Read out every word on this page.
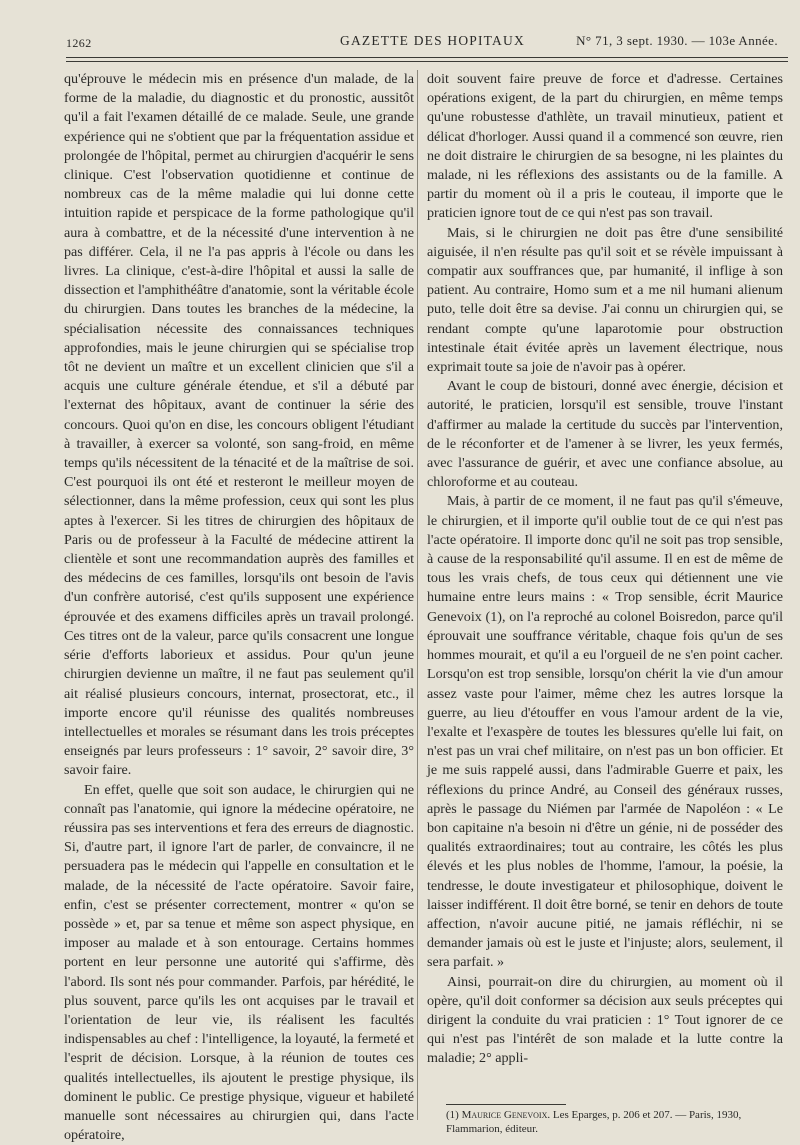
1262	GAZETTE DES HOPITAUX	N° 71, 3 sept. 1930. — 103e Année.

qu'éprouve le médecin mis en présence d'un malade, de la forme de la maladie, du diagnostic et du pronostic, aussitôt qu'il a fait l'examen détaillé de ce malade. Seule, une grande expérience qui ne s'obtient que par la fréquentation assidue et prolongée de l'hôpital, permet au chirurgien d'acquérir le sens clinique. C'est l'observation quotidienne et continue de nombreux cas de la même maladie qui lui donne cette intuition rapide et perspicace de la forme pathologique qu'il aura à combattre, et de la nécessité d'une intervention à ne pas différer. Cela, il ne l'a pas appris à l'école ou dans les livres. La clinique, c'est-à-dire l'hôpital et aussi la salle de dissection et l'amphithéâtre d'anatomie, sont la véritable école du chirurgien. Dans toutes les branches de la médecine, la spécialisation nécessite des connaissances techniques approfondies, mais le jeune chirurgien qui se spécialise trop tôt ne devient un maître et un excellent clinicien que s'il a acquis une culture générale étendue, et s'il a débuté par l'externat des hôpitaux, avant de continuer la série des concours. Quoi qu'on en dise, les concours obligent l'étudiant à travailler, à exercer sa volonté, son sang-froid, en même temps qu'ils nécessitent de la ténacité et de la maîtrise de soi. C'est pourquoi ils ont été et resteront le meilleur moyen de sélectionner, dans la même profession, ceux qui sont les plus aptes à l'exercer. Si les titres de chirurgien des hôpitaux de Paris ou de professeur à la Faculté de médecine attirent la clientèle et sont une recommandation auprès des familles et des médecins de ces familles, lorsqu'ils ont besoin de l'avis d'un confrère autorisé, c'est qu'ils supposent une expérience éprouvée et des examens difficiles après un travail prolongé. Ces titres ont de la valeur, parce qu'ils consacrent une longue série d'efforts laborieux et assidus. Pour qu'un jeune chirurgien devienne un maître, il ne faut pas seulement qu'il ait réalisé plusieurs concours, internat, prosectorat, etc., il importe encore qu'il réunisse des qualités nombreuses intellectuelles et morales se résumant dans les trois préceptes enseignés par leurs professeurs : 1° savoir, 2° savoir dire, 3° savoir faire.

En effet, quelle que soit son audace, le chirurgien qui ne connaît pas l'anatomie, qui ignore la médecine opératoire, ne réussira pas ses interventions et fera des erreurs de diagnostic. Si, d'autre part, il ignore l'art de parler, de convaincre, il ne persuadera pas le médecin qui l'appelle en consultation et le malade, de la nécessité de l'acte opératoire. Savoir faire, enfin, c'est se présenter correctement, montrer « qu'on se possède » et, par sa tenue et même son aspect physique, en imposer au malade et à son entourage. Certains hommes portent en leur personne une autorité qui s'affirme, dès l'abord. Ils sont nés pour commander. Parfois, par hérédité, le plus souvent, parce qu'ils les ont acquises par le travail et l'orientation de leur vie, ils réalisent les facultés indispensables au chef : l'intelligence, la loyauté, la fermeté et l'esprit de décision. Lorsque, à la réunion de toutes ces qualités intellectuelles, ils ajoutent le prestige physique, ils dominent le public. Ce prestige physique, vigueur et habileté manuelle sont nécessaires au chirurgien qui, dans l'acte opératoire,

doit souvent faire preuve de force et d'adresse. Certaines opérations exigent, de la part du chirurgien, en même temps qu'une robustesse d'athlète, un travail minutieux, patient et délicat d'horloger. Aussi quand il a commencé son œuvre, rien ne doit distraire le chirurgien de sa besogne, ni les plaintes du malade, ni les réflexions des assistants ou de la famille. A partir du moment où il a pris le couteau, il importe que le praticien ignore tout de ce qui n'est pas son travail.

Mais, si le chirurgien ne doit pas être d'une sensibilité aiguisée, il n'en résulte pas qu'il soit et se révèle impuissant à compatir aux souffrances que, par humanité, il inflige à son patient. Au contraire, Homo sum et a me nil humani alienum puto, telle doit être sa devise. J'ai connu un chirurgien qui, se rendant compte qu'une laparotomie pour obstruction intestinale était évitée après un lavement électrique, nous exprimait toute sa joie de n'avoir pas à opérer.

Avant le coup de bistouri, donné avec énergie, décision et autorité, le praticien, lorsqu'il est sensible, trouve l'instant d'affirmer au malade la certitude du succès par l'intervention, de le réconforter et de l'amener à se livrer, les yeux fermés, avec l'assurance de guérir, et avec une confiance absolue, au chloroforme et au couteau.

Mais, à partir de ce moment, il ne faut pas qu'il s'émeuve, le chirurgien, et il importe qu'il oublie tout de ce qui n'est pas l'acte opératoire. Il importe donc qu'il ne soit pas trop sensible, à cause de la responsabilité qu'il assume. Il en est de même de tous les vrais chefs, de tous ceux qui détiennent une vie humaine entre leurs mains : « Trop sensible, écrit Maurice Genevoix (1), on l'a reproché au colonel Boisredon, parce qu'il éprouvait une souffrance véritable, chaque fois qu'un de ses hommes mourait, et qu'il a eu l'orgueil de ne s'en point cacher. Lorsqu'on est trop sensible, lorsqu'on chérit la vie d'un amour assez vaste pour l'aimer, même chez les autres lorsque la guerre, au lieu d'étouffer en vous l'amour ardent de la vie, l'exalte et l'exaspère de toutes les blessures qu'elle lui fait, on n'est pas un vrai chef militaire, on n'est pas un bon officier. Et je me suis rappelé aussi, dans l'admirable Guerre et paix, les réflexions du prince André, au Conseil des généraux russes, après le passage du Niémen par l'armée de Napoléon : « Le bon capitaine n'a besoin ni d'être un génie, ni de posséder des qualités extraordinaires; tout au contraire, les côtés les plus élevés et les plus nobles de l'homme, l'amour, la poésie, la tendresse, le doute investigateur et philosophique, doivent le laisser indifférent. Il doit être borné, se tenir en dehors de toute affection, n'avoir aucune pitié, ne jamais réfléchir, ni se demander jamais où est le juste et l'injuste; alors, seulement, il sera parfait. »

Ainsi, pourrait-on dire du chirurgien, au moment où il opère, qu'il doit conformer sa décision aux seuls préceptes qui dirigent la conduite du vrai praticien : 1° Tout ignorer de ce qui n'est pas l'intérêt de son malade et la lutte contre la maladie; 2° appli-

(1) Maurice Genevoix. Les Eparges, p. 206 et 207. — Paris, 1930, Flammarion, éditeur.
